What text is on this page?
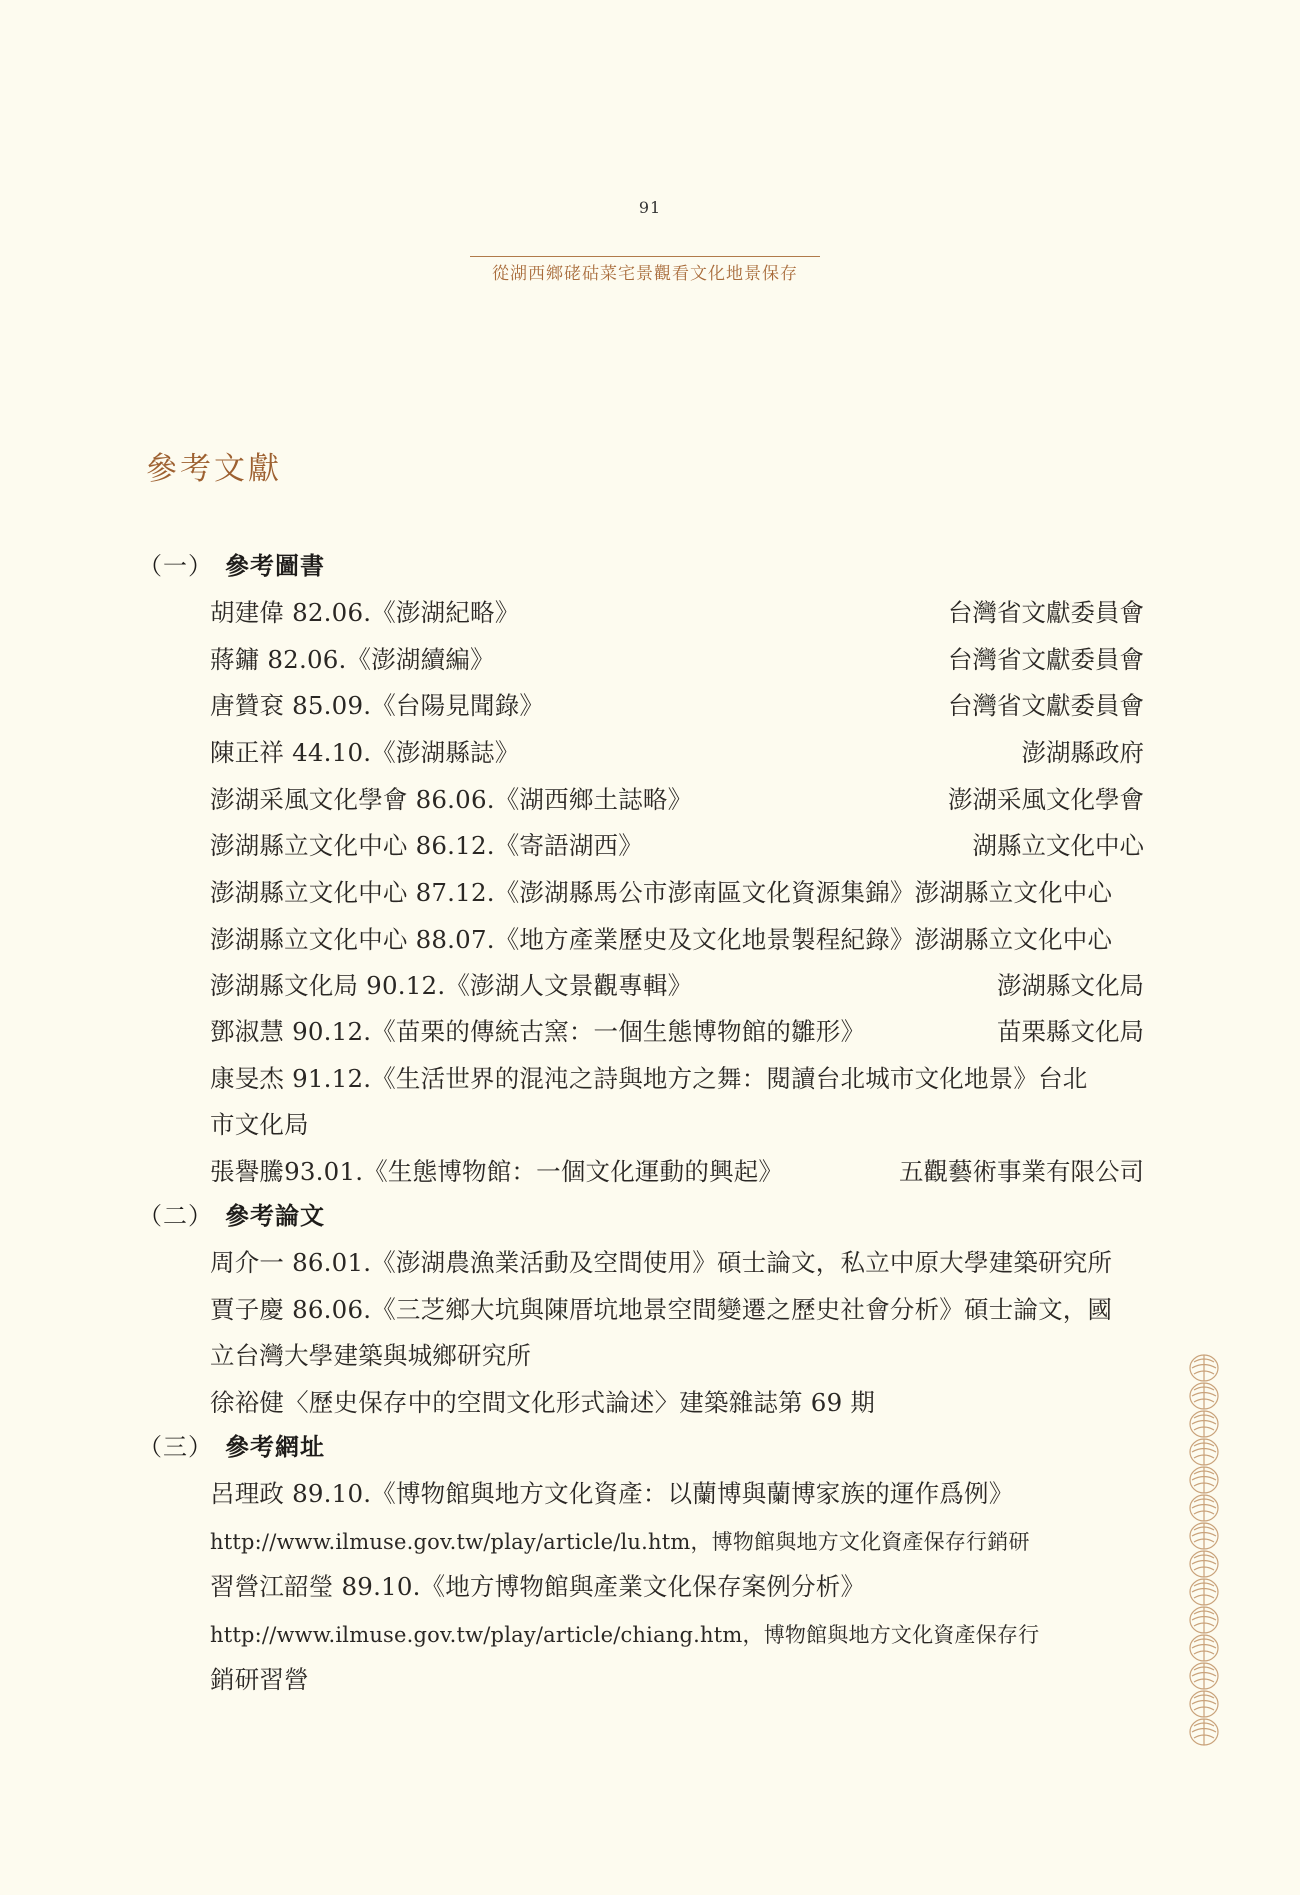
91
從湖西鄉硓𥑮菜宅景觀看文化地景保存
參考文獻
（一） 參考圖書
胡建偉 82.06.《澎湖紀略》	台灣省文獻委員會
蔣鏞 82.06.《澎湖續編》	台灣省文獻委員會
唐贊袞 85.09.《台陽見聞錄》	台灣省文獻委員會
陳正祥 44.10.《澎湖縣誌》	澎湖縣政府
澎湖采風文化學會 86.06.《湖西鄉土誌略》	澎湖采風文化學會
澎湖縣立文化中心 86.12.《寄語湖西》	湖縣立文化中心
澎湖縣立文化中心 87.12.《澎湖縣馬公市澎南區文化資源集錦》澎湖縣立文化中心
澎湖縣立文化中心 88.07.《地方產業歷史及文化地景製程紀錄》澎湖縣立文化中心
澎湖縣文化局 90.12.《澎湖人文景觀專輯》	澎湖縣文化局
鄧淑慧 90.12.《苗栗的傳統古窯：一個生態博物館的雛形》	苗栗縣文化局
康旻杰 91.12.《生活世界的混沌之詩與地方之舞：閱讀台北城市文化地景》台北
市文化局
張譽騰93.01.《生態博物館：一個文化運動的興起》	五觀藝術事業有限公司
（二） 參考論文
周介一 86.01.《澎湖農漁業活動及空間使用》碩士論文，私立中原大學建築研究所
賈子慶 86.06.《三芝鄉大坑與陳厝坑地景空間變遷之歷史社會分析》碩士論文，國
立台灣大學建築與城鄉研究所
徐裕健〈歷史保存中的空間文化形式論述〉建築雜誌第 69 期
（三） 參考網址
呂理政 89.10.《博物館與地方文化資產：以蘭博與蘭博家族的運作爲例》
http://www.ilmuse.gov.tw/play/article/lu.htm，博物館與地方文化資產保存行銷研
習營江韶瑩 89.10.《地方博物館與產業文化保存案例分析》
http://www.ilmuse.gov.tw/play/article/chiang.htm，博物館與地方文化資產保存行
銷研習營
